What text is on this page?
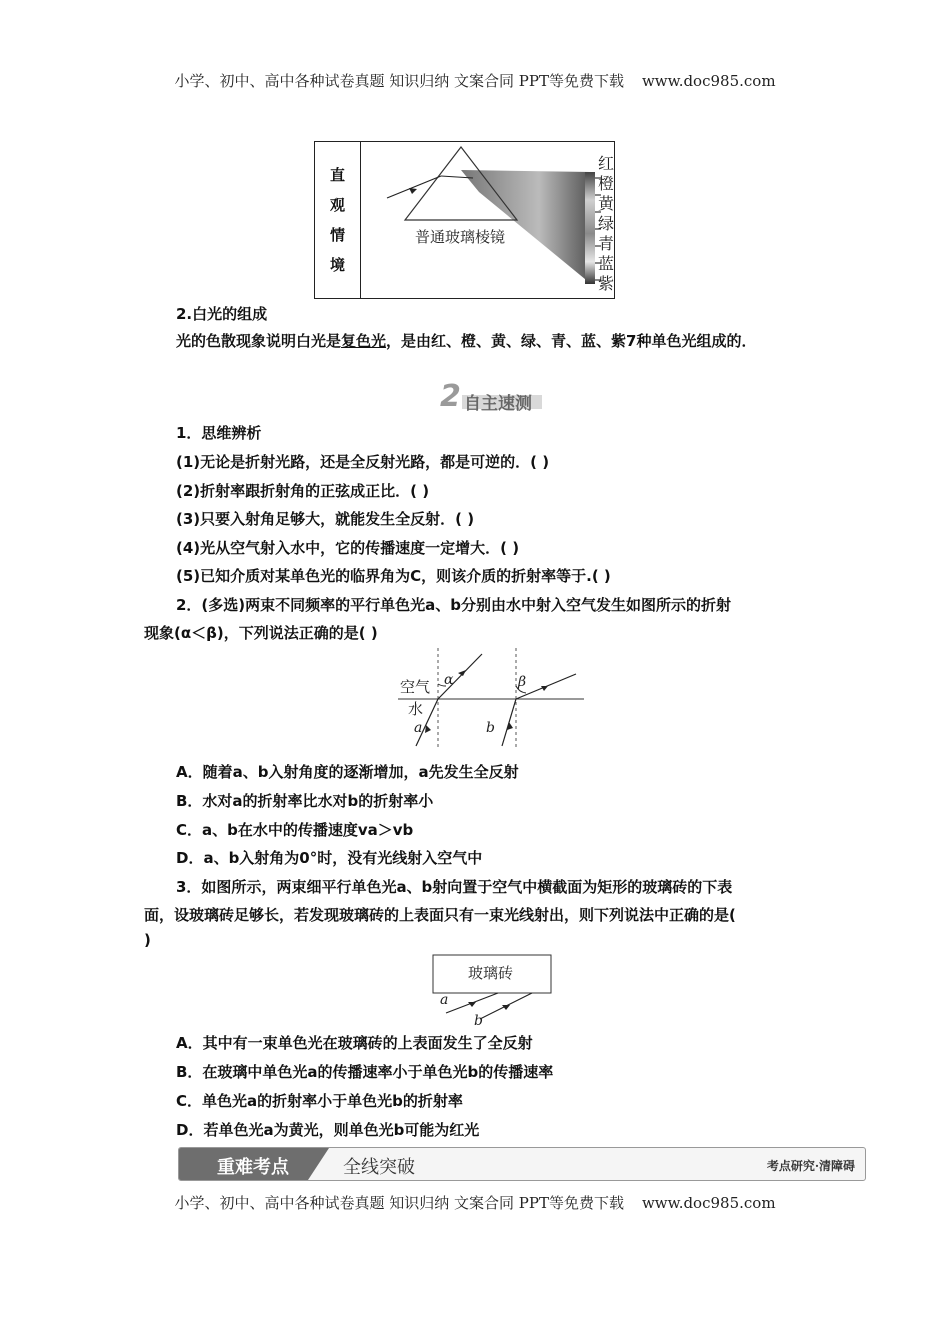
小学、初中、高中各种试卷真题 知识归纳 文案合同 PPT等免费下载 www.doc985.com
直
观
情
境
普通玻璃棱镜
红
橙
黄
绿
青
蓝
紫
2.白光的组成
光的色散现象说明白光是复色光，是由红、橙、黄、绿、青、蓝、紫7种单色光组成的．
2 自主速测
1．思维辨析
(1)无论是折射光路，还是全反射光路，都是可逆的．( )
(2)折射率跟折射角的正弦成正比．( )
(3)只要入射角足够大，就能发生全反射．( )
(4)光从空气射入水中，它的传播速度一定增大．( )
(5)已知介质对某单色光的临界角为C，则该介质的折射率等于.( )
2．(多选)两束不同频率的平行单色光a、b分别由水中射入空气发生如图所示的折射
现象(α＜β)，下列说法正确的是( )
空气
水
α	β
a	b
A．随着a、b入射角度的逐渐增加，a先发生全反射
B．水对a的折射率比水对b的折射率小
C．a、b在水中的传播速度va＞vb
D．a、b入射角为0°时，没有光线射入空气中
3．如图所示，两束细平行单色光a、b射向置于空气中横截面为矩形的玻璃砖的下表
面，设玻璃砖足够长，若发现玻璃砖的上表面只有一束光线射出，则下列说法中正确的是(
)
玻璃砖
a
b
A．其中有一束单色光在玻璃砖的上表面发生了全反射
B．在玻璃中单色光a的传播速率小于单色光b的传播速率
C．单色光a的折射率小于单色光b的折射率
D．若单色光a为黄光，则单色光b可能为红光
重难考点	全线突破	考点研究·清障碍
小学、初中、高中各种试卷真题 知识归纳 文案合同 PPT等免费下载 www.doc985.com
